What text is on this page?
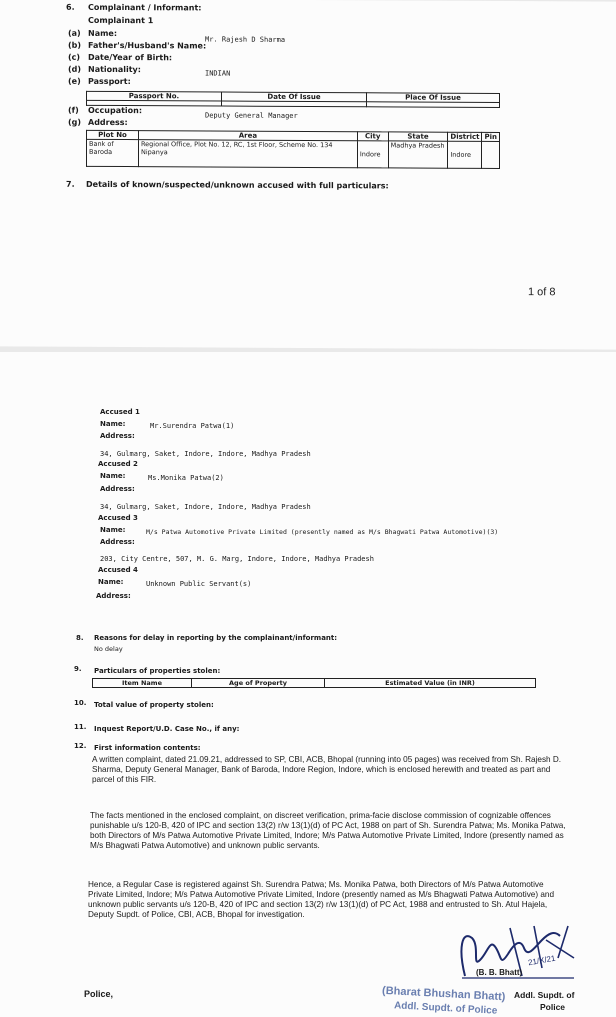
6. Complainant / Informant:
Complainant 1
(a) Name:
Mr. Rajesh D Sharma
(b) Father's/Husband's Name:
(c) Date/Year of Birth:
(d) Nationality:	INDIAN
(e) Passport:
Passport No.	Date Of Issue	Place Of Issue

(f) Occupation:
Deputy General Manager
(g) Address:
Plot No	Area	City	State	District	Pin
Bank of Baroda	Regional Office, Plot No. 12, RC, 1st Floor, Scheme No. 134 Nipanya	Indore	Madhya Pradesh	Indore	
7. Details of known/suspected/unknown accused with full particulars:
1 of 8
Accused 1
Name:	Mr.Surendra Patwa(1)
Address:
34, Gulmarg, Saket, Indore, Indore, Madhya Pradesh
Accused 2
Name:	Ms.Monika Patwa(2)
Address:
34, Gulmarg, Saket, Indore, Indore, Madhya Pradesh
Accused 3
Name:	M/s Patwa Automotive Private Limited (presently named as M/s Bhagwati Patwa Automotive)(3)
Address:
203, City Centre, 507, M. G. Marg, Indore, Indore, Madhya Pradesh
Accused 4
Name:	Unknown Public Servant(s)
Address:
8. Reasons for delay in reporting by the complainant/informant:
No delay
9. Particulars of properties stolen:
Item Name	Age of Property	Estimated Value (in INR)
10. Total value of property stolen:
11. Inquest Report/U.D. Case No., if any:
12. First information contents:
A written complaint, dated 21.09.21, addressed to SP, CBI, ACB, Bhopal (running into 05 pages) was received from Sh. Rajesh D. Sharma, Deputy General Manager, Bank of Baroda, Indore Region, Indore, which is enclosed herewith and treated as part and parcel of this FIR.
The facts mentioned in the enclosed complaint, on discreet verification, prima-facie disclose commission of cognizable offences punishable u/s 120-B, 420 of IPC and section 13(2) r/w 13(1)(d) of PC Act, 1988 on part of Sh. Surendra Patwa; Ms. Monika Patwa, both Directors of M/s Patwa Automotive Private Limited, Indore; M/s Patwa Automotive Private Limited, Indore (presently named as M/s Bhagwati Patwa Automotive) and unknown public servants.
Hence, a Regular Case is registered against Sh. Surendra Patwa; Ms. Monika Patwa, both Directors of M/s Patwa Automotive Private Limited, Indore; M/s Patwa Automotive Private Limited, Indore (presently named as M/s Bhagwati Patwa Automotive) and unknown public servants u/s 120-B, 420 of IPC and section 13(2) r/w 13(1)(d) of PC Act, 1988 and entrusted to Sh. Atul Hajela, Deputy Supdt. of Police, CBI, ACB, Bhopal for investigation.
(B. B. Bhatt)
21/X/21
Police,	Addl. Supdt. of
Police
(Bharat Bhushan Bhatt)
Addl. Supdt. of Police
